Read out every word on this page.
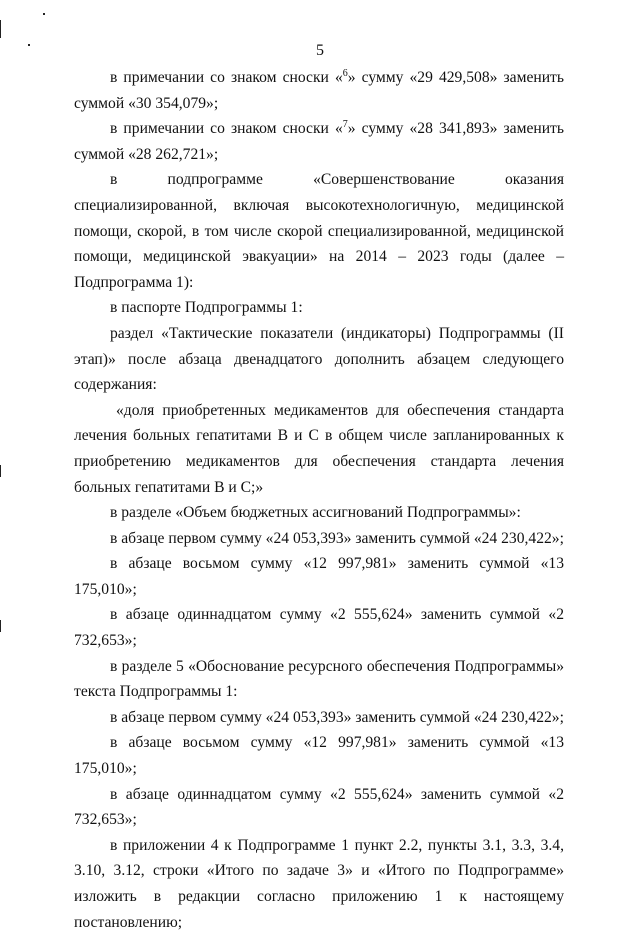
5

в примечании со знаком сноски «$^6$» сумму «29 429,508» заменить суммой «30 354,079»;

в примечании со знаком сноски «$^7$» сумму «28 341,893» заменить суммой «28 262,721»;

в подпрограмме «Совершенствование оказания специализированной, включая высокотехнологичную, медицинской помощи, скорой, в том числе скорой специализированной, медицинской помощи, медицинской эвакуации» на 2014 – 2023 годы (далее – Подпрограмма 1):

в паспорте Подпрограммы 1:

раздел «Тактические показатели (индикаторы) Подпрограммы (II этап)» после абзаца двенадцатого дополнить абзацем следующего содержания:

«доля приобретенных медикаментов для обеспечения стандарта лечения больных гепатитами В и С в общем числе запланированных к приобретению медикаментов для обеспечения стандарта лечения больных гепатитами В и С;»

в разделе «Объем бюджетных ассигнований Подпрограммы»:

в абзаце первом сумму «24 053,393» заменить суммой «24 230,422»;

в абзаце восьмом сумму «12 997,981» заменить суммой «13 175,010»;

в абзаце одиннадцатом сумму «2 555,624» заменить суммой «2 732,653»;

в разделе 5 «Обоснование ресурсного обеспечения Подпрограммы» текста Подпрограммы 1:

в абзаце первом сумму «24 053,393» заменить суммой «24 230,422»;

в абзаце восьмом сумму «12 997,981» заменить суммой «13 175,010»;

в абзаце одиннадцатом сумму «2 555,624» заменить суммой «2 732,653»;

в приложении 4 к Подпрограмме 1 пункт 2.2, пункты 3.1, 3.3, 3.4, 3.10, 3.12, строки «Итого по задаче 3» и «Итого по Подпрограмме» изложить в редакции согласно приложению 1 к настоящему постановлению;
